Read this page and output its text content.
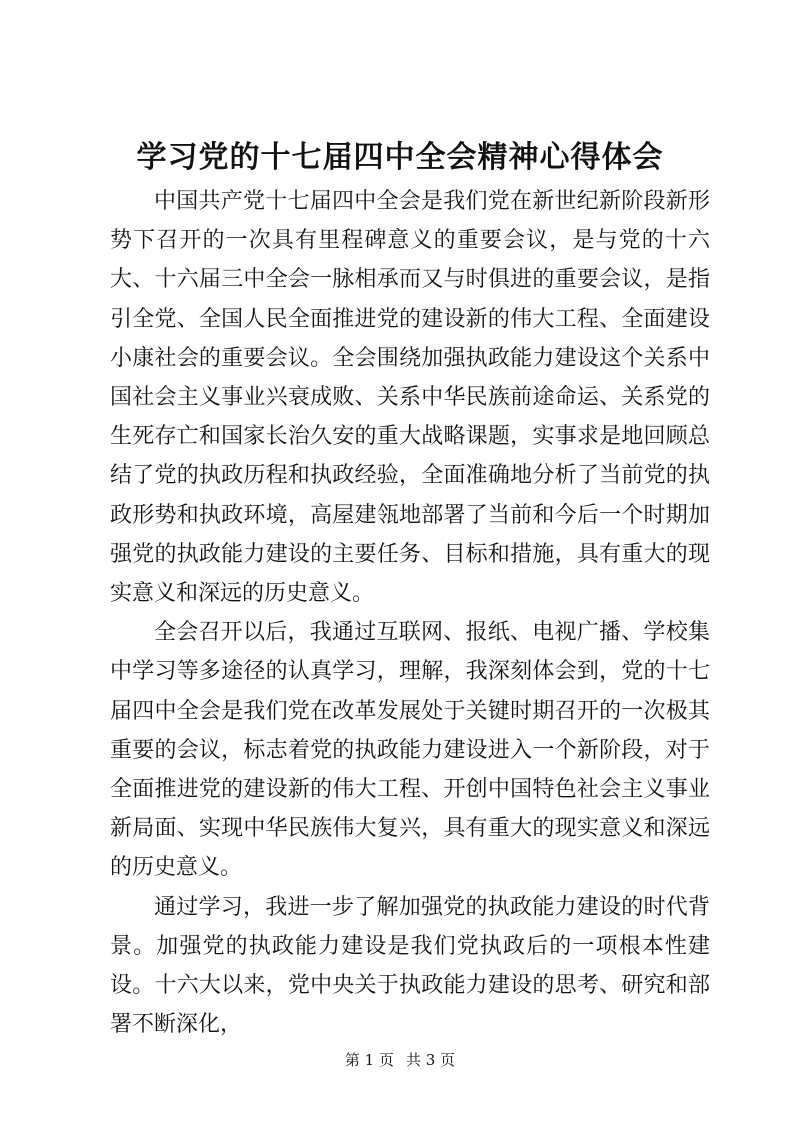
学习党的十七届四中全会精神心得体会

中国共产党十七届四中全会是我们党在新世纪新阶段新形势下召开的一次具有里程碑意义的重要会议，是与党的十六大、十六届三中全会一脉相承而又与时俱进的重要会议，是指引全党、全国人民全面推进党的建设新的伟大工程、全面建设小康社会的重要会议。全会围绕加强执政能力建设这个关系中国社会主义事业兴衰成败、关系中华民族前途命运、关系党的生死存亡和国家长治久安的重大战略课题，实事求是地回顾总结了党的执政历程和执政经验，全面准确地分析了当前党的执政形势和执政环境，高屋建瓴地部署了当前和今后一个时期加强党的执政能力建设的主要任务、目标和措施，具有重大的现实意义和深远的历史意义。

全会召开以后，我通过互联网、报纸、电视广播、学校集中学习等多途径的认真学习，理解，我深刻体会到，党的十七届四中全会是我们党在改革发展处于关键时期召开的一次极其重要的会议，标志着党的执政能力建设进入一个新阶段，对于全面推进党的建设新的伟大工程、开创中国特色社会主义事业新局面、实现中华民族伟大复兴，具有重大的现实意义和深远的历史意义。

通过学习，我进一步了解加强党的执政能力建设的时代背景。加强党的执政能力建设是我们党执政后的一项根本性建设。十六大以来，党中央关于执政能力建设的思考、研究和部署不断深化，

第 1 页 共 3 页
